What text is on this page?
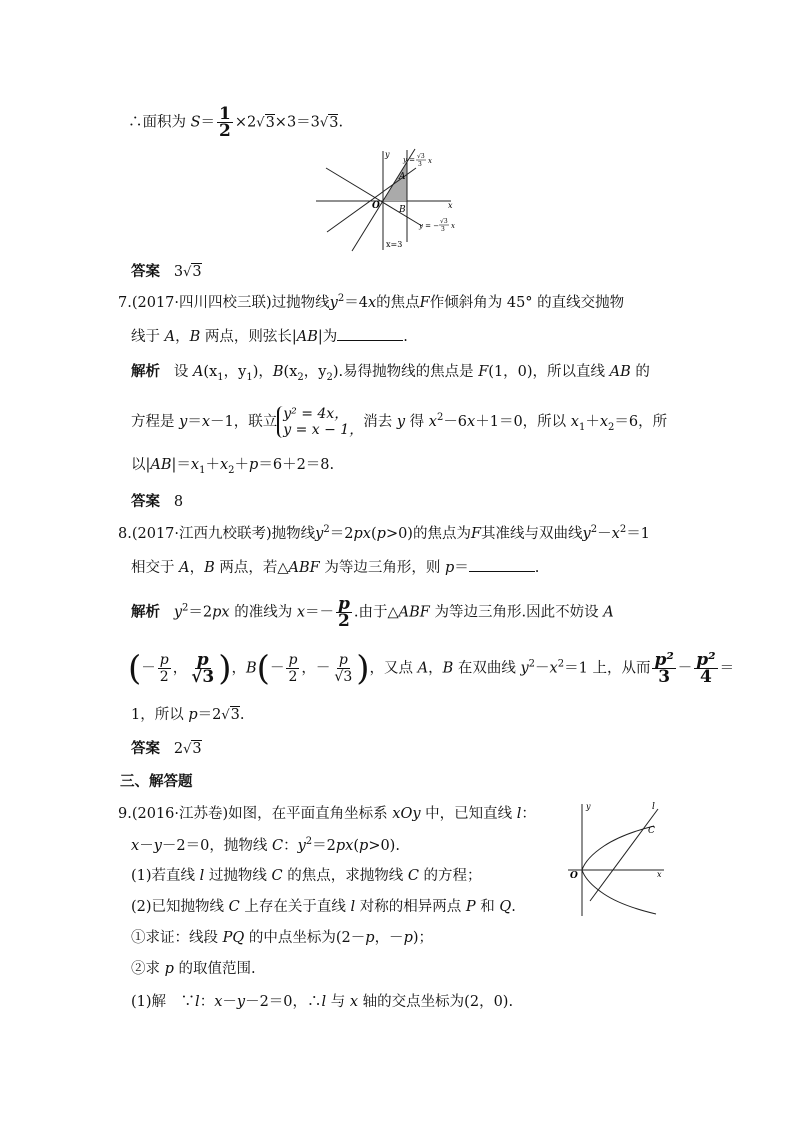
∴面积为 $S= \frac{1}{2} \times 2√3\times 3=3√3$.
y
x
O
A
B
x=3
y = √3
3 x
y = −
√3
3 x
答案 3√3
7.(2017·四川四校三联)过抛物线$y^2=4x$的焦点F作倾斜角为 45° 的直线交抛物
线于 A，B 两点，则弦长|AB|为	.
解析 设 $A(x_1$，$y_1$)，$B(x_2$，$y_2$).易得抛物线的焦点是 F(1，0)，所以直线 AB 的
方程是 y＝x－1，联立 y² = 4x，
y = x − 1， 消去 y 得 $x^2-6x+1=0$，所以 $x_1+x_2=6$，所
以$|AB|=x_1+x_2+p=6+2=8$.
答案 8
8.(2017·江西九校联考)抛物线$y^2=2px(p>0)$的焦点为F其准线与双曲线$y^2-x^2=1$
相交于 A，B 两点，若△ABF 为等边三角形，则 p＝	.
解析 $y^2=2px$ 的准线为 $x=- \frac{p}{2}$ .由于△ABF 为等边三角形.因此不妨设 A
(－ $\frac{p}{2}$ ， $\frac{p}{√3}$ )，$B(- \frac{p}{2}$ ，－ $\frac{p}{√3}$ )，又点 A，B 在双曲线 $y^2-x^2=1$ 上，从而 $\frac{\text{p²}}{3} - \frac{\text{p²}}{4}$ ＝
1，所以 p＝2√3.
答案 2√3
三、解答题
9.(2016·江苏卷)如图，在平面直角坐标系 xOy 中，已知直线 l：
x－y－2＝0，抛物线 C：$y^2=2px(p>0)$.
(1)若直线 l 过抛物线 C 的焦点，求抛物线 C 的方程；
(2)已知抛物线 C 上存在关于直线 l 对称的相异两点 P 和 Q.
①求证：线段 PQ 的中点坐标为(2－p，－p)；
②求 p 的取值范围.
(1)解　∵l：x－y－2＝0，∴l 与 x 轴的交点坐标为(2，0).
y	l
C
O	x
